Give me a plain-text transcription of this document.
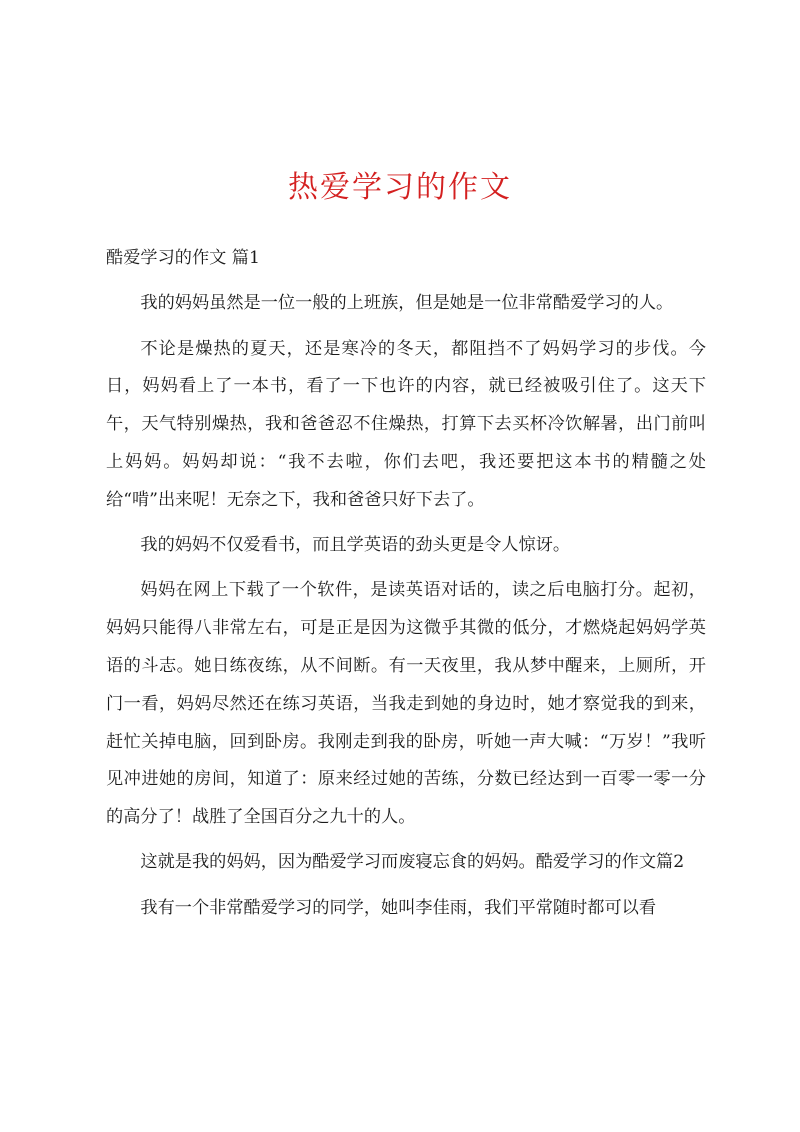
热爱学习的作文

酷爱学习的作文 篇1

我的妈妈虽然是一位一般的上班族，但是她是一位非常酷爱学习的人。

不论是燥热的夏天，还是寒冷的冬天，都阻挡不了妈妈学习的步伐。今日，妈妈看上了一本书，看了一下也许的内容，就已经被吸引住了。这天下午，天气特别燥热，我和爸爸忍不住燥热，打算下去买杯冷饮解暑，出门前叫上妈妈。妈妈却说：“我不去啦，你们去吧，我还要把这本书的精髓之处给“啃”出来呢！无奈之下，我和爸爸只好下去了。

我的妈妈不仅爱看书，而且学英语的劲头更是令人惊讶。

妈妈在网上下载了一个软件，是读英语对话的，读之后电脑打分。起初，妈妈只能得八非常左右，可是正是因为这微乎其微的低分，才燃烧起妈妈学英语的斗志。她日练夜练，从不间断。有一天夜里，我从梦中醒来，上厕所，开门一看，妈妈尽然还在练习英语，当我走到她的身边时，她才察觉我的到来，赶忙关掉电脑，回到卧房。我刚走到我的卧房，听她一声大喊：“万岁！”我听见冲进她的房间，知道了：原来经过她的苦练，分数已经达到一百零一零一分的高分了！战胜了全国百分之九十的人。

这就是我的妈妈，因为酷爱学习而废寝忘食的妈妈。酷爱学习的作文篇2

我有一个非常酷爱学习的同学，她叫李佳雨，我们平常随时都可以看
